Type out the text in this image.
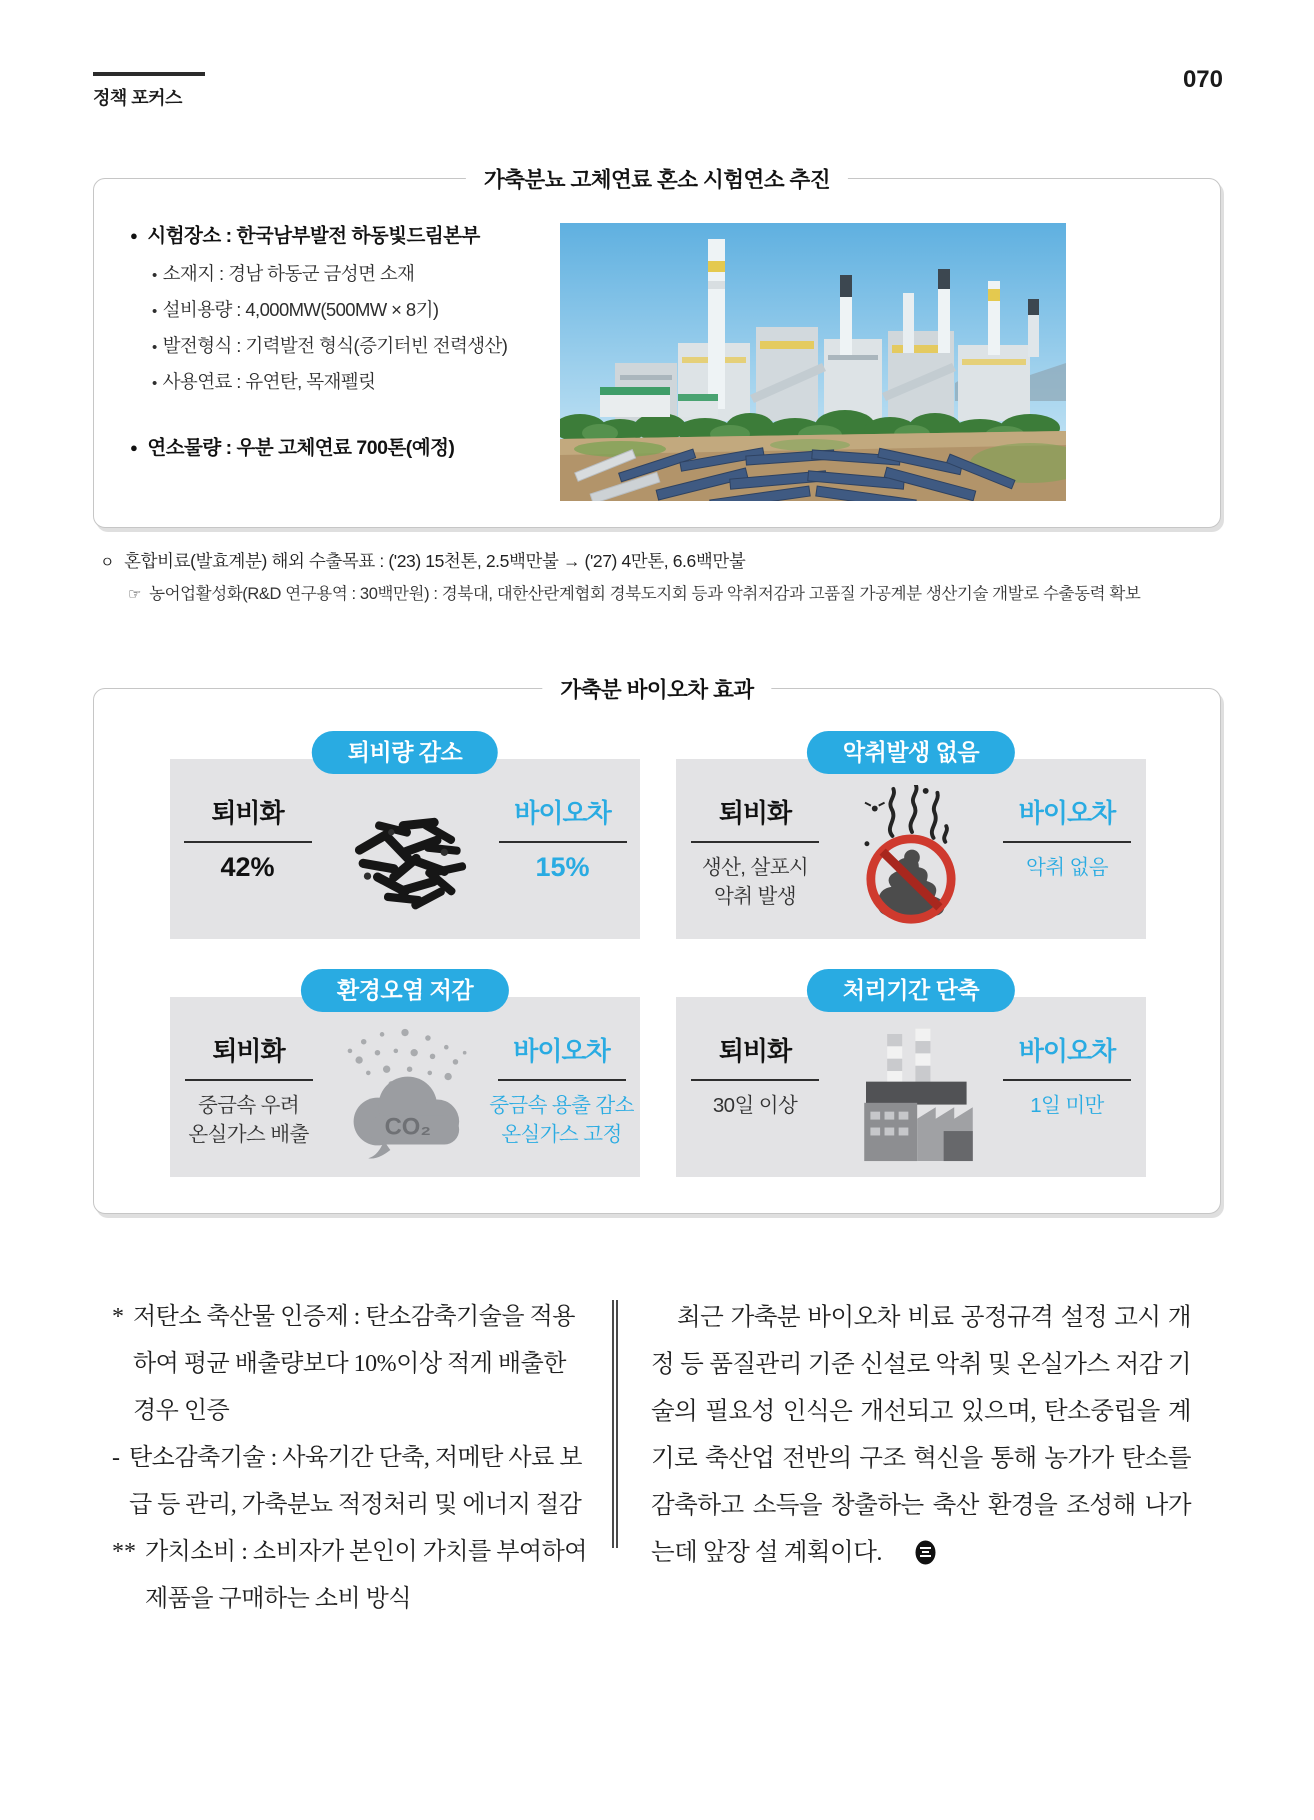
정책 포커스
070
가축분뇨 고체연료 혼소 시험연소 추진
● 시험장소 : 한국남부발전 하동빛드림본부
• 소재지 : 경남 하동군 금성면 소재
• 설비용량 : 4,000MW(500MW × 8기)
• 발전형식 : 기력발전 형식(증기터빈 전력생산)
• 사용연료 : 유연탄, 목재펠릿
● 연소물량 : 우분 고체연료 700톤(예정)
ㅇ 혼합비료(발효계분) 해외 수출목표 : ('23) 15천톤, 2.5백만불 → ('27) 4만톤, 6.6백만불
☞ 농어업활성화(R&D 연구용역 : 30백만원) : 경북대, 대한산란계협회 경북도지회 등과 악취저감과 고품질 가공계분 생산기술 개발로 수출동력 확보
가축분 바이오차 효과
퇴비량 감소
퇴비화
42%
바이오차
15%
악취발생 없음
퇴비화
생산, 살포시
악취 발생
바이오차
악취 없음
환경오염 저감
퇴비화
중금속 우려
온실가스 배출	CO₂
바이오차
중금속 용출 감소
온실가스 고정
처리기간 단축
퇴비화
30일 이상
바이오차
1일 미만
* 저탄소 축산물 인증제 : 탄소감축기술을 적용하여 평균 배출량보다 10%이상 적게 배출한 경우 인증
- 탄소감축기술 : 사육기간 단축, 저메탄 사료 보급 등 관리, 가축분뇨 적정처리 및 에너지 절감
** 가치소비 : 소비자가 본인이 가치를 부여하여 제품을 구매하는 소비 방식

최근 가축분 바이오차 비료 공정규격 설정 고시 개정 등 품질관리 기준 신설로 악취 및 온실가스 저감 기술의 필요성 인식은 개선되고 있으며, 탄소중립을 계기로 축산업 전반의 구조 혁신을 통해 농가가 탄소를 감축하고 소득을 창출하는 축산 환경을 조성해 나가는데 앞장 설 계획이다.
